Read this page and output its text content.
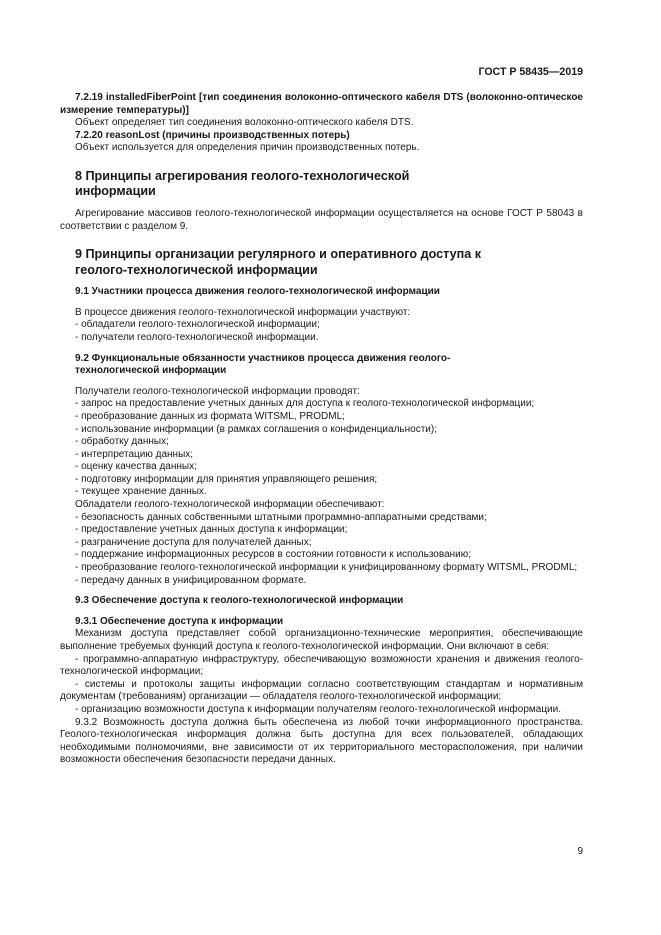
ГОСТ Р 58435—2019

7.2.19 installedFiberPoint [тип соединения волоконно-оптического кабеля DTS (волоконно-оптическое измерение температуры)]

Объект определяет тип соединения волоконно-оптического кабеля DTS.

7.2.20 reasonLost (причины производственных потерь)

Объект используется для определения причин производственных потерь.

8 Принципы агрегирования геолого-технологической информации

Агрегирование массивов геолого-технологической информации осуществляется на основе ГОСТ Р 58043 в соответствии с разделом 9.

9 Принципы организации регулярного и оперативного доступа к геолого-технологической информации

9.1 Участники процесса движения геолого-технологической информации

В процессе движения геолого-технологической информации участвуют:

- обладатели геолого-технологической информации;

- получатели геолого-технологической информации.

9.2 Функциональные обязанности участников процесса движения геолого-технологической информации

Получатели геолого-технологической информации проводят:

- запрос на предоставление учетных данных для доступа к геолого-технологической информации;

- преобразование данных из формата WITSML, PRODML;

- использование информации (в рамках соглашения о конфиденциальности);

- обработку данных;

- интерпретацию данных;

- оценку качества данных;

- подготовку информации для принятия управляющего решения;

- текущее хранение данных.

Обладатели геолого-технологической информации обеспечивают:

- безопасность данных собственными штатными программно-аппаратными средствами;

- предоставление учетных данных доступа к информации;

- разграничение доступа для получателей данных;

- поддержание информационных ресурсов в состоянии готовности к использованию;

- преобразование геолого-технологической информации к унифицированному формату WITSML, PRODML;

- передачу данных в унифицированном формате.

9.3 Обеспечение доступа к геолого-технологической информации

9.3.1 Обеспечение доступа к информации

Механизм доступа представляет собой организационно-технические мероприятия, обеспечивающие выполнение требуемых функций доступа к геолого-технологической информации. Они включают в себя:

- программно-аппаратную инфраструктуру, обеспечивающую возможности хранения и движения геолого-технологической информации;

- системы и протоколы защиты информации согласно соответствующим стандартам и нормативным документам (требованиям) организации — обладателя геолого-технологической информации;

- организацию возможности доступа к информации получателям геолого-технологической информации.

9.3.2 Возможность доступа должна быть обеспечена из любой точки информационного пространства. Геолого-технологическая информация должна быть доступна для всех пользователей, обладающих необходимыми полномочиями, вне зависимости от их территориального месторасположения, при наличии возможности обеспечения безопасности передачи данных.

9
